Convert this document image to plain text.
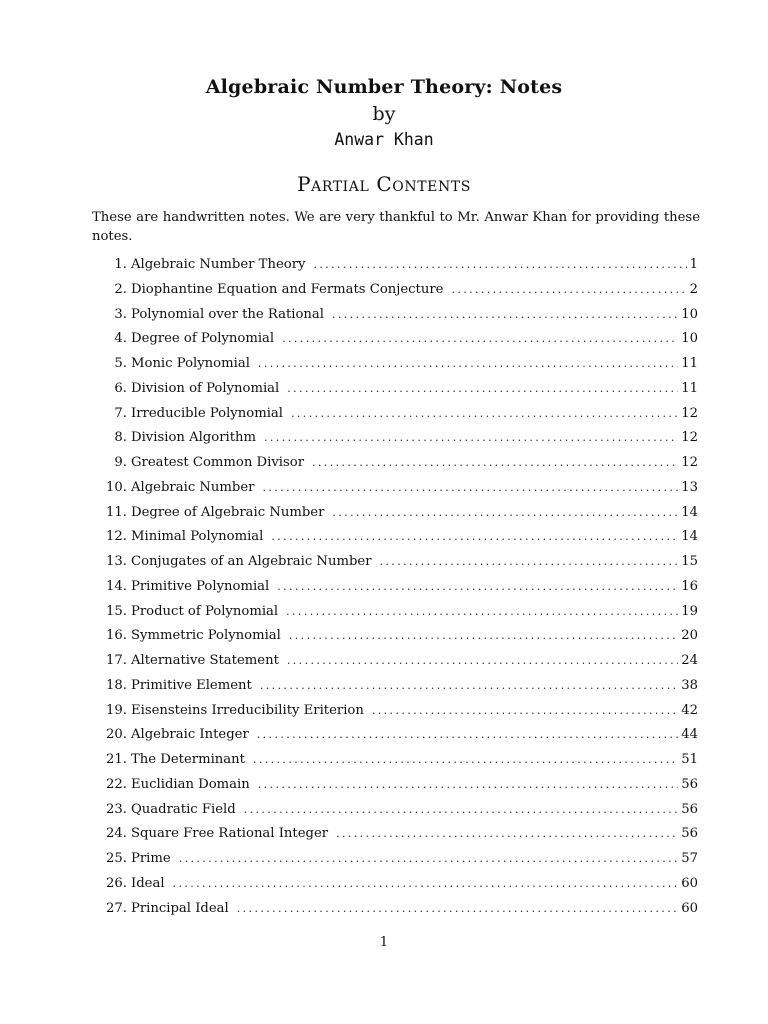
Algebraic Number Theory: Notes
by
Anwar Khan
Partial Contents
These are handwritten notes. We are very thankful to Mr. Anwar Khan for providing these notes.
1. Algebraic Number Theory .....	1
2. Diophantine Equation and Fermats Conjecture .....	2
3. Polynomial over the Rational .....	10
4. Degree of Polynomial .....	10
5. Monic Polynomial .....	11
6. Division of Polynomial .....	11
7. Irreducible Polynomial .....	12
8. Division Algorithm .....	12
9. Greatest Common Divisor .....	12
10. Algebraic Number .....	13
11. Degree of Algebraic Number .....	14
12. Minimal Polynomial .....	14
13. Conjugates of an Algebraic Number .....	15
14. Primitive Polynomial .....	16
15. Product of Polynomial .....	19
16. Symmetric Polynomial .....	20
17. Alternative Statement .....	24
18. Primitive Element .....	38
19. Eisensteins Irreducibility Eriterion .....	42
20. Algebraic Integer .....	44
21. The Determinant .....	51
22. Euclidian Domain .....	56
23. Quadratic Field .....	56
24. Square Free Rational Integer .....	56
25. Prime .....	57
26. Ideal .....	60
27. Principal Ideal .....	60
1
